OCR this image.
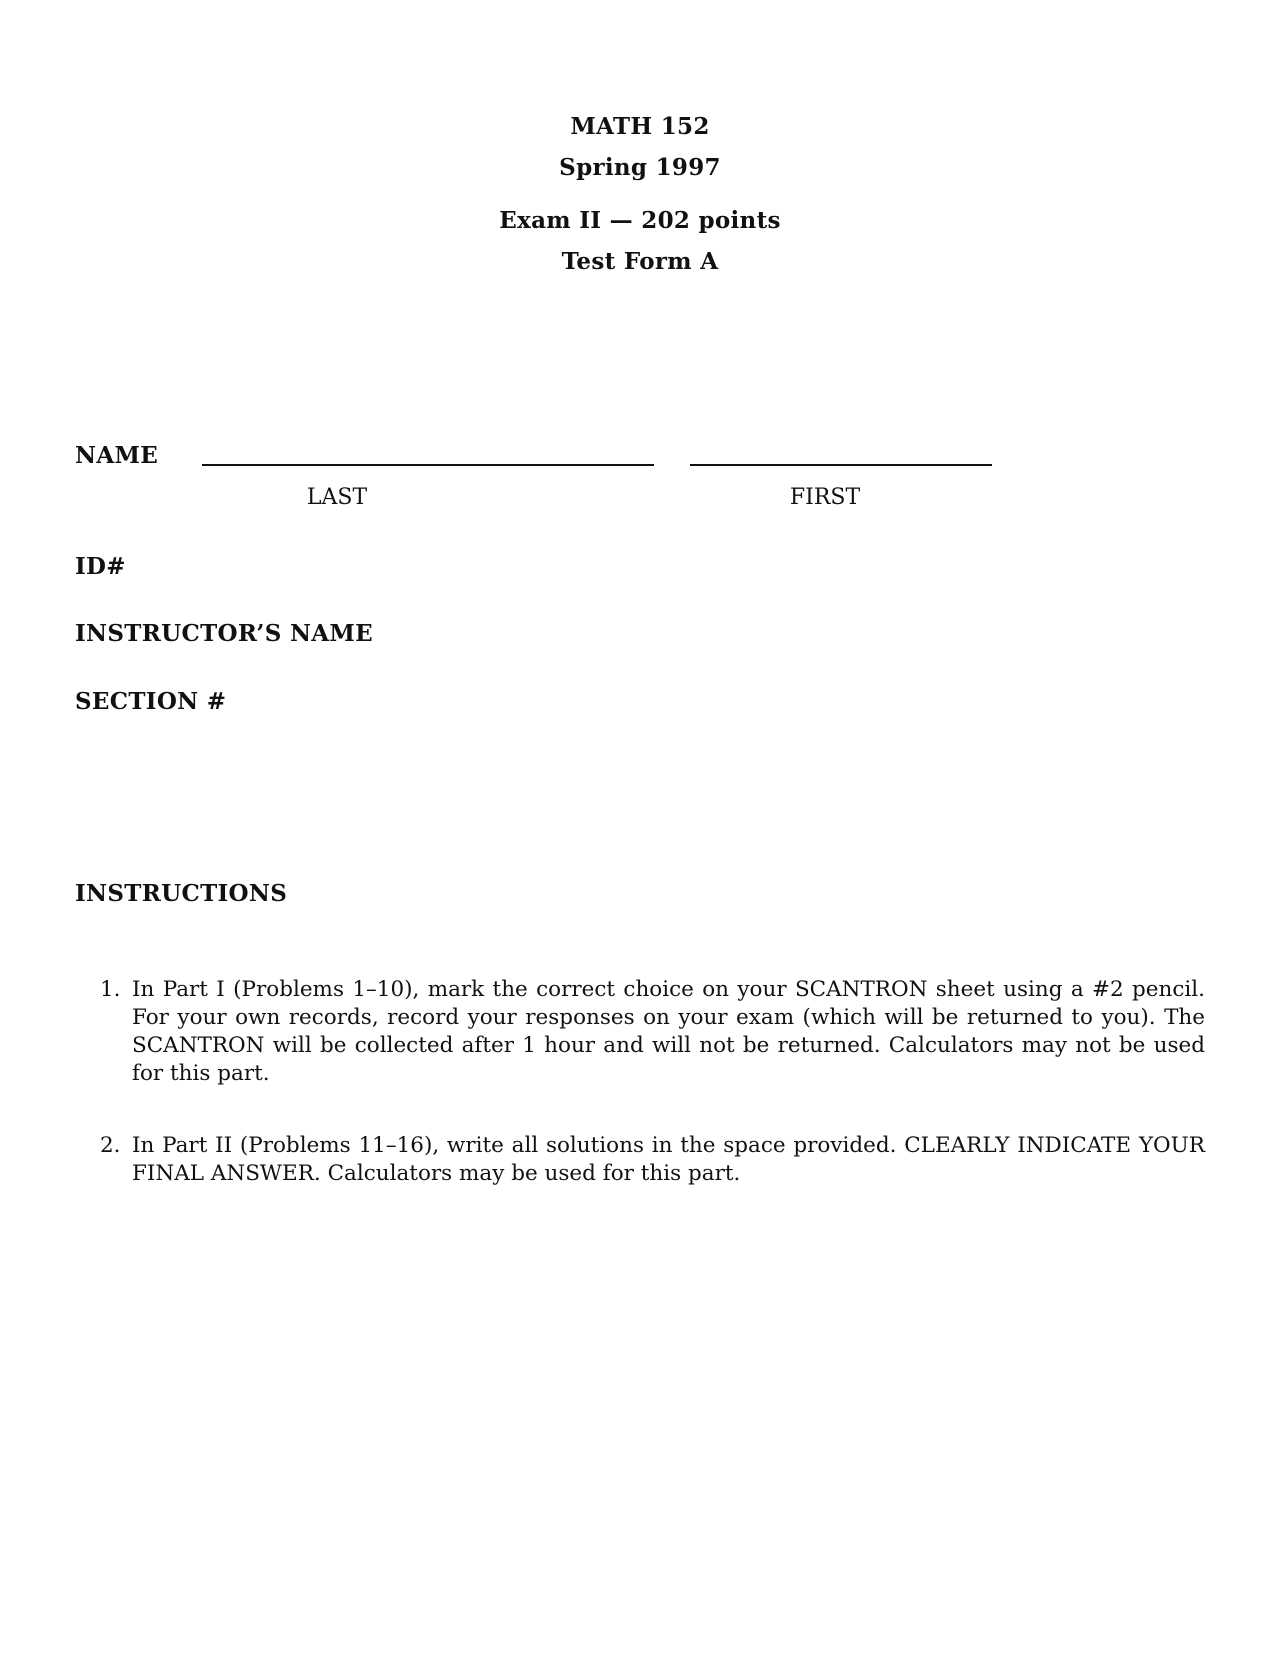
MATH 152
Spring 1997
Exam II — 202 points
Test Form A
NAME
LAST	FIRST
ID#
INSTRUCTOR’S NAME
SECTION #
INSTRUCTIONS
1. In Part I (Problems 1–10), mark the correct choice on your SCANTRON sheet using a #2 pencil. For your own records, record your responses on your exam (which will be returned to you). The SCANTRON will be collected after 1 hour and will not be returned. Calculators may not be used for this part.
2. In Part II (Problems 11–16), write all solutions in the space provided. CLEARLY INDICATE YOUR FINAL ANSWER. Calculators may be used for this part.
